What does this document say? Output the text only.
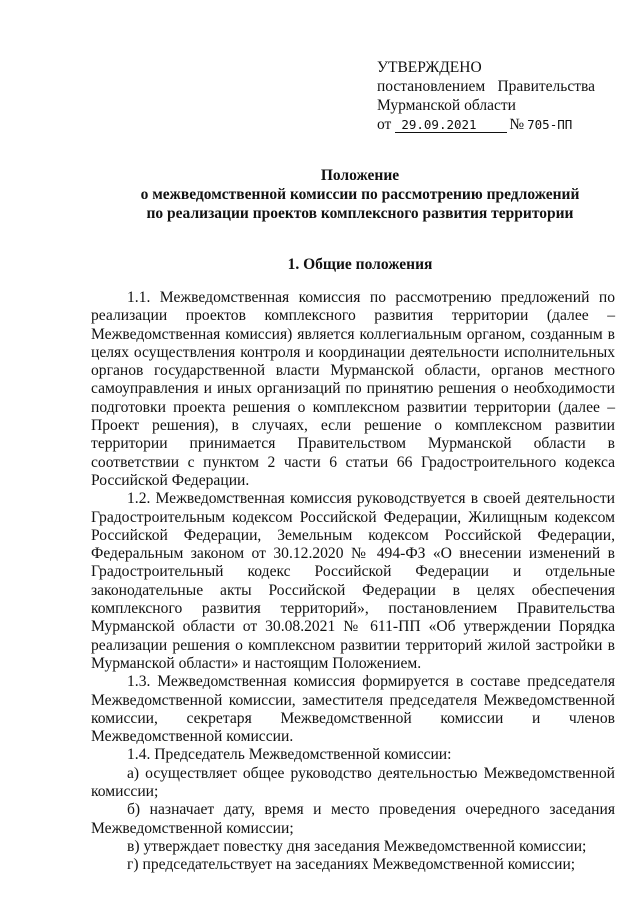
УТВЕРЖДЕНО
постановлением Правительства
Мурманской области
от 29.09.2021	№ 705-ПП
Положение
о межведомственной комиссии по рассмотрению предложений
по реализации проектов комплексного развития территории
1. Общие положения

1.1. Межведомственная комиссия по рассмотрению предложений по реализации проектов комплексного развития территории (далее – Межведомственная комиссия) является коллегиальным органом, созданным в целях осуществления контроля и координации деятельности исполнительных органов государственной власти Мурманской области, органов местного самоуправления и иных организаций по принятию решения о необходимости подготовки проекта решения о комплексном развитии территории (далее – Проект решения), в случаях, если решение о комплексном развитии территории принимается Правительством Мурманской области в соответствии с пунктом 2 части 6 статьи 66 Градостроительного кодекса Российской Федерации.

1.2. Межведомственная комиссия руководствуется в своей деятельности Градостроительным кодексом Российской Федерации, Жилищным кодексом Российской Федерации, Земельным кодексом Российской Федерации, Федеральным законом от 30.12.2020 № 494-ФЗ «О внесении изменений в Градостроительный кодекс Российской Федерации и отдельные законодательные акты Российской Федерации в целях обеспечения комплексного развития территорий», постановлением Правительства Мурманской области от 30.08.2021 № 611-ПП «Об утверждении Порядка реализации решения о комплексном развитии территорий жилой застройки в Мурманской области» и настоящим Положением.

1.3. Межведомственная комиссия формируется в составе председателя Межведомственной комиссии, заместителя председателя Межведомственной комиссии, секретаря Межведомственной комиссии и членов Межведомственной комиссии.

1.4. Председатель Межведомственной комиссии:

а) осуществляет общее руководство деятельностью Межведомственной комиссии;

б) назначает дату, время и место проведения очередного заседания Межведомственной комиссии;

в) утверждает повестку дня заседания Межведомственной комиссии;

г) председательствует на заседаниях Межведомственной комиссии;
